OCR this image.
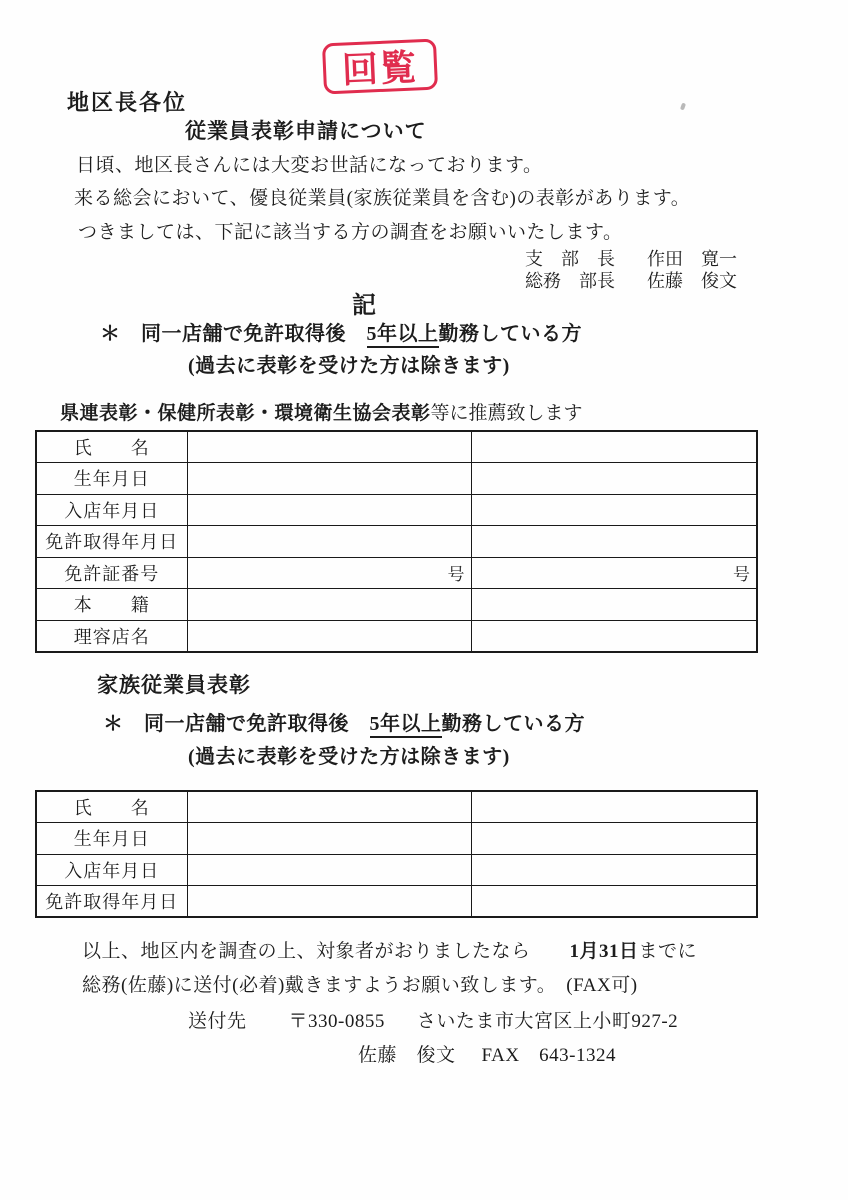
回覧
地区長各位
従業員表彰申請について
日頃、地区長さんには大変お世話になっております。
来る総会において、優良従業員(家族従業員を含む)の表彰があります。
つきましては、下記に該当する方の調査をお願いいたします。
支　部　長	作田　寛一
総務　部長	佐藤　俊文
記
＊　同一店舗で免許取得後　5年以上勤務している方
(過去に表彰を受けた方は除きます)
県連表彰・保健所表彰・環境衛生協会表彰等に推薦致します
氏　　名		
生年月日		
入店年月日		
免許取得年月日		
免許証番号	号	号
本　　籍		
理容店名		
家族従業員表彰
＊　同一店舗で免許取得後　5年以上勤務している方
(過去に表彰を受けた方は除きます)
氏　　名		
生年月日		
入店年月日		
免許取得年月日		
以上、地区内を調査の上、対象者がおりましたなら　　1月31日までに
総務(佐藤)に送付(必着)戴きますようお願い致します。　(FAX可)
送付先 〒330-0855 さいたま市大宮区上小町927-2
佐藤　俊文 FAX　643-1324
